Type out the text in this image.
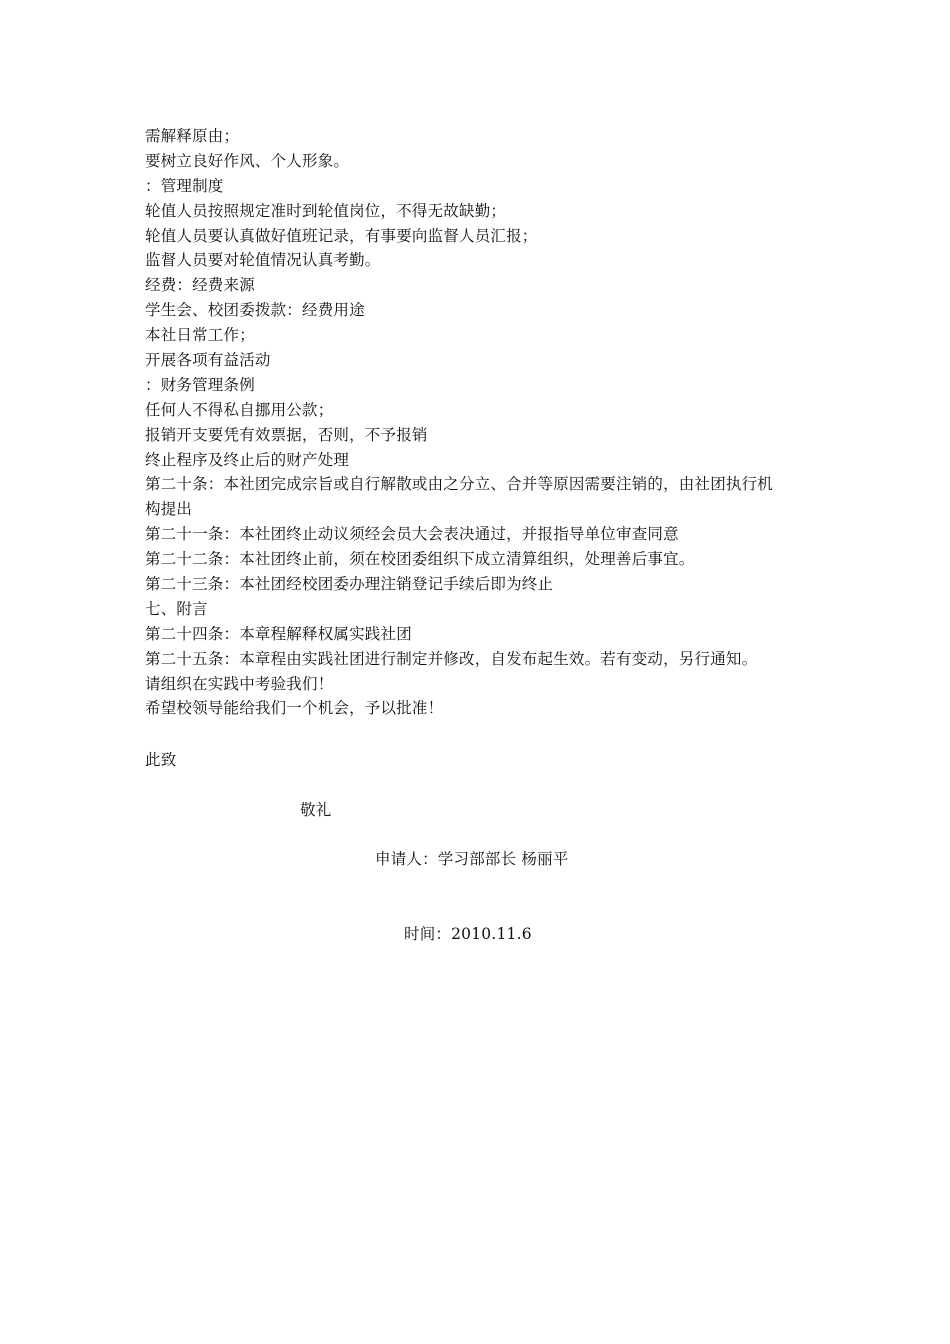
需解释原由；
要树立良好作风、个人形象。
：管理制度
轮值人员按照规定准时到轮值岗位，不得无故缺勤；
轮值人员要认真做好值班记录，有事要向监督人员汇报；
监督人员要对轮值情况认真考勤。
经费：经费来源
学生会、校团委拨款：经费用途
本社日常工作；
开展各项有益活动
：财务管理条例
任何人不得私自挪用公款；
报销开支要凭有效票据，否则，不予报销
终止程序及终止后的财产处理
第二十条：本社团完成宗旨或自行解散或由之分立、合并等原因需要注销的，由社团执行机
构提出
第二十一条：本社团终止动议须经会员大会表决通过，并报指导单位审查同意
第二十二条：本社团终止前，须在校团委组织下成立清算组织，处理善后事宜。
第二十三条：本社团经校团委办理注销登记手续后即为终止
七、附言
第二十四条：本章程解释权属实践社团
第二十五条：本章程由实践社团进行制定并修改，自发布起生效。若有变动，另行通知。
请组织在实践中考验我们！
希望校领导能给我们一个机会，予以批准！
此致
敬礼
申请人：学习部部长 杨丽平
时间：2010.11.6
